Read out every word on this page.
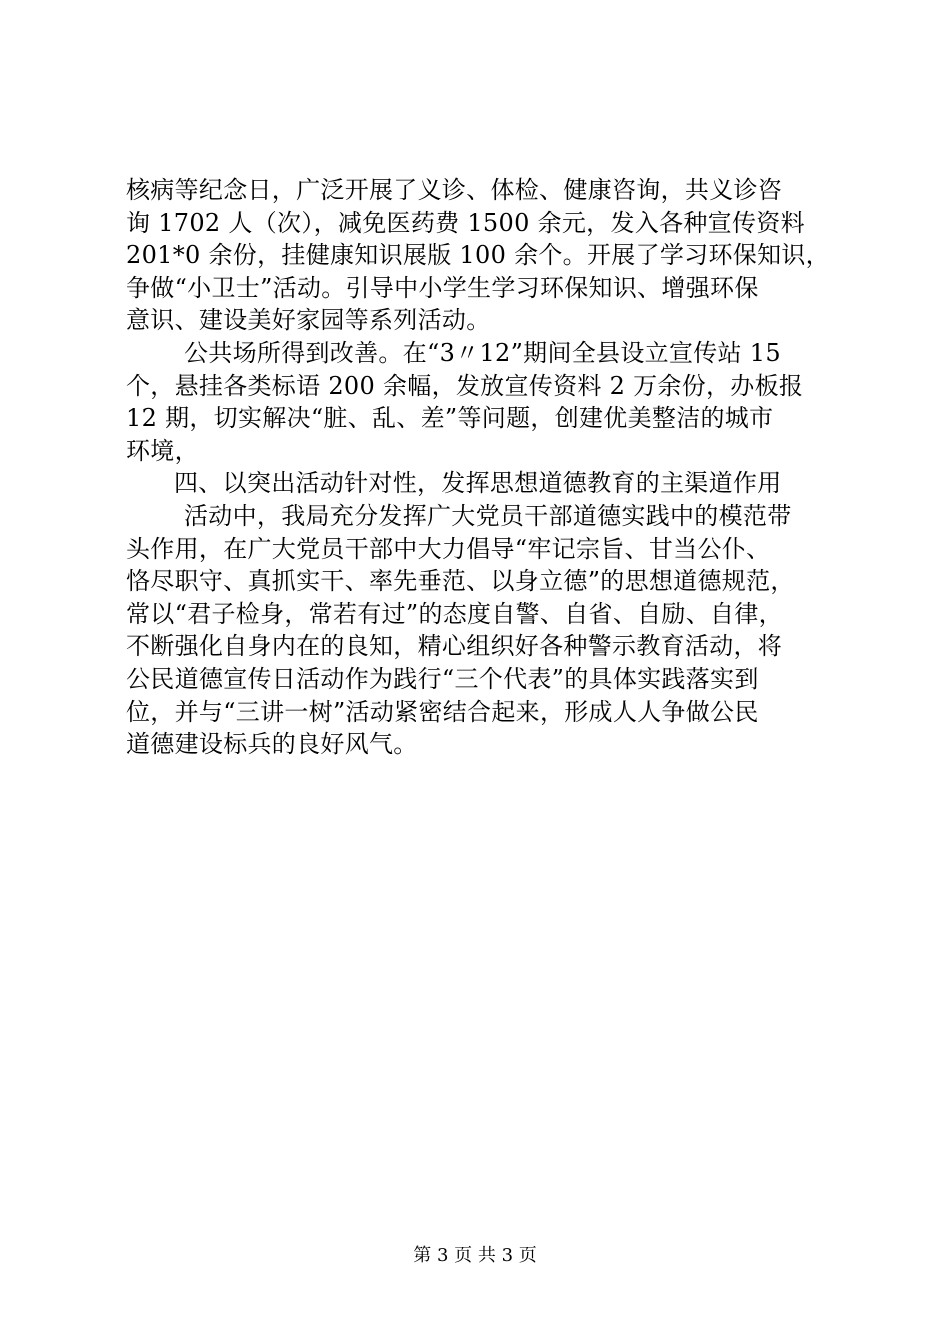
核病等纪念日，广泛开展了义诊、体检、健康咨询，共义诊咨
询 1702 人（次），减免医药费 1500 余元，发入各种宣传资料
201*0 余份，挂健康知识展版 100 余个。开展了学习环保知识，
争做“小卫士”活动。引导中小学生学习环保知识、增强环保
意识、建设美好家园等系列活动。
公共场所得到改善。在“3〃12”期间全县设立宣传站 15
个，悬挂各类标语 200 余幅，发放宣传资料 2 万余份，办板报
12 期，切实解决“脏、乱、差”等问题，创建优美整洁的城市
环境，
四、以突出活动针对性，发挥思想道德教育的主渠道作用
活动中，我局充分发挥广大党员干部道德实践中的模范带
头作用，在广大党员干部中大力倡导“牢记宗旨、甘当公仆、
恪尽职守、真抓实干、率先垂范、以身立德”的思想道德规范，
常以“君子检身，常若有过”的态度自警、自省、自励、自律，
不断强化自身内在的良知，精心组织好各种警示教育活动，将
公民道德宣传日活动作为践行“三个代表”的具体实践落实到
位，并与“三讲一树”活动紧密结合起来，形成人人争做公民
道德建设标兵的良好风气。
第 3 页 共 3 页
